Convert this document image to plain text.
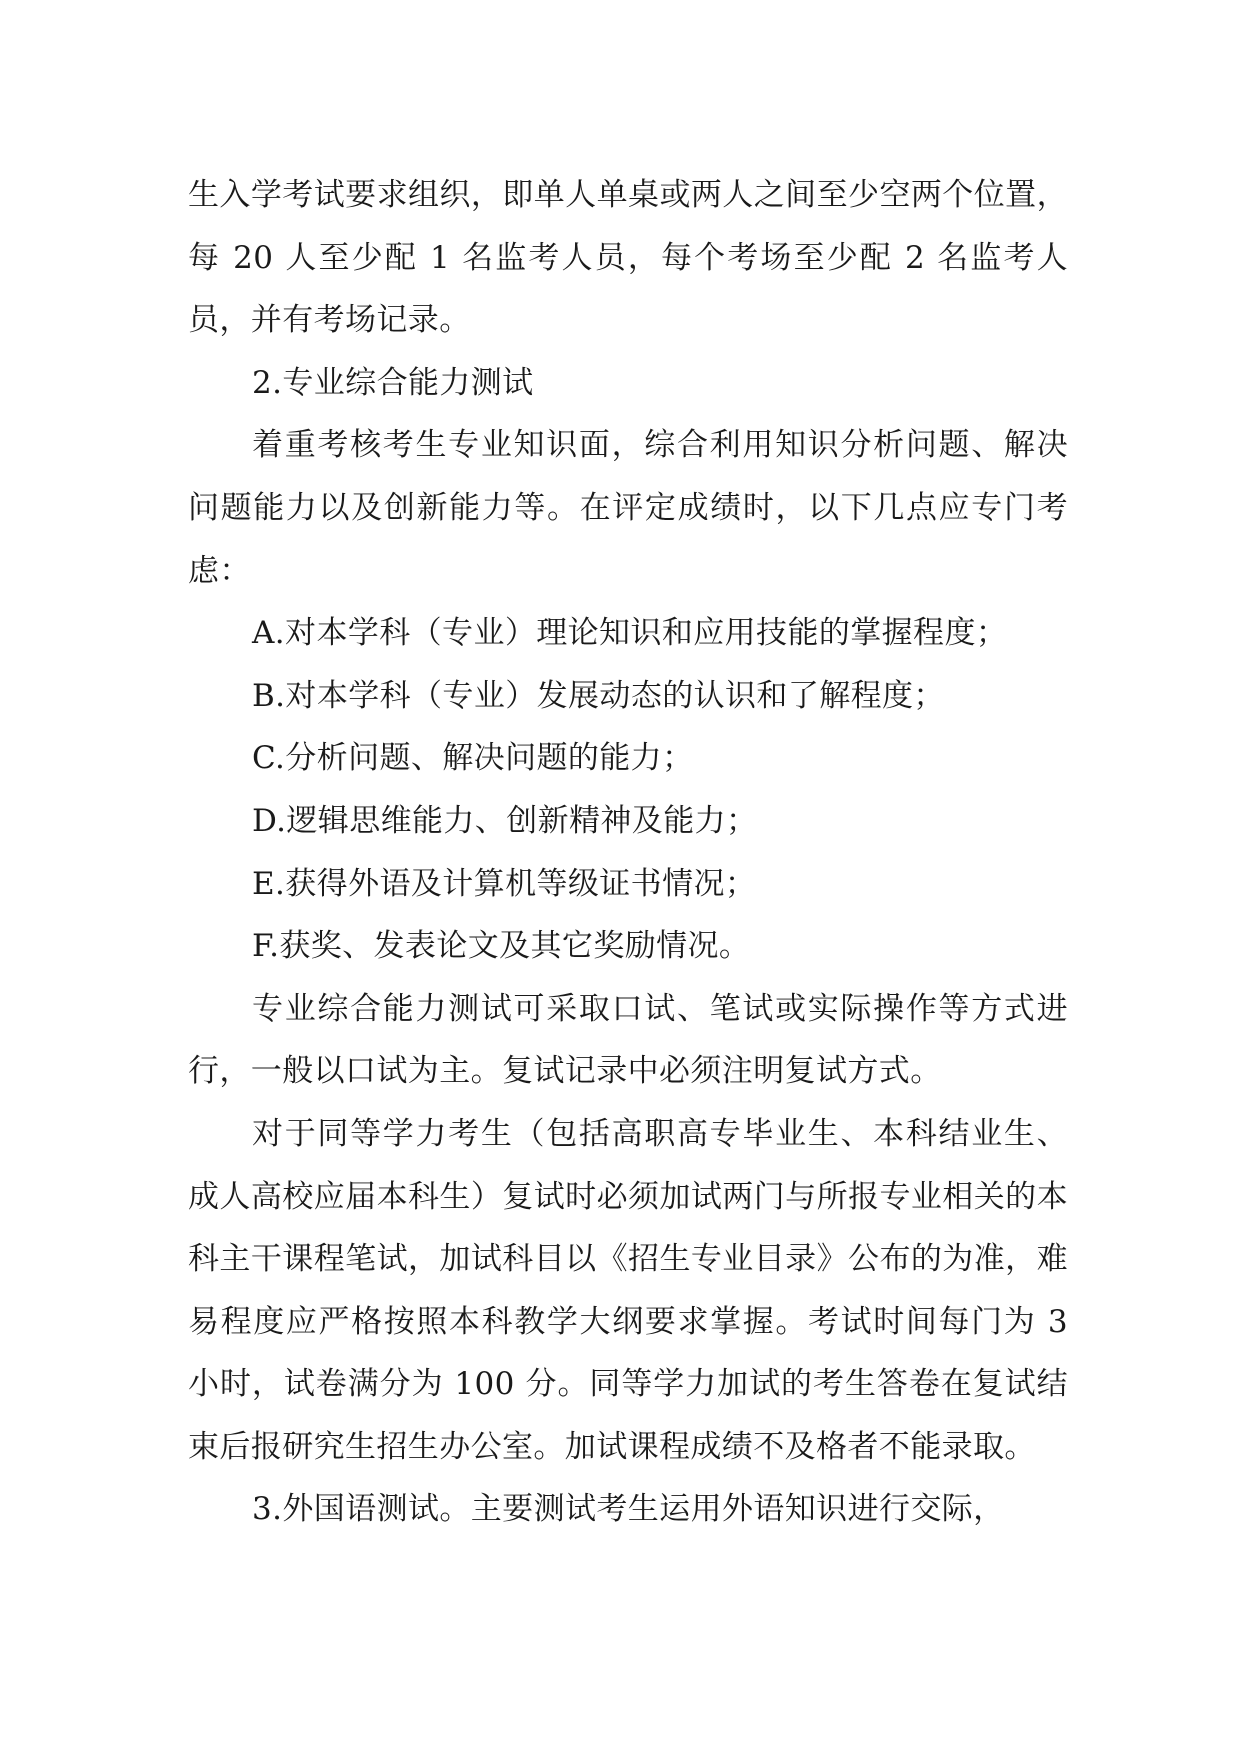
生入学考试要求组织，即单人单桌或两人之间至少空两个位置，每 20 人至少配 1 名监考人员，每个考场至少配 2 名监考人员，并有考场记录。

2.专业综合能力测试

着重考核考生专业知识面，综合利用知识分析问题、解决问题能力以及创新能力等。在评定成绩时，以下几点应专门考虑：

A.对本学科（专业）理论知识和应用技能的掌握程度；

B.对本学科（专业）发展动态的认识和了解程度；

C.分析问题、解决问题的能力；

D.逻辑思维能力、创新精神及能力；

E.获得外语及计算机等级证书情况；

F.获奖、发表论文及其它奖励情况。

专业综合能力测试可采取口试、笔试或实际操作等方式进行，一般以口试为主。复试记录中必须注明复试方式。

对于同等学力考生（包括高职高专毕业生、本科结业生、成人高校应届本科生）复试时必须加试两门与所报专业相关的本科主干课程笔试，加试科目以《招生专业目录》公布的为准，难易程度应严格按照本科教学大纲要求掌握。考试时间每门为 3 小时，试卷满分为 100 分。同等学力加试的考生答卷在复试结束后报研究生招生办公室。加试课程成绩不及格者不能录取。

3.外国语测试。主要测试考生运用外语知识进行交际，
